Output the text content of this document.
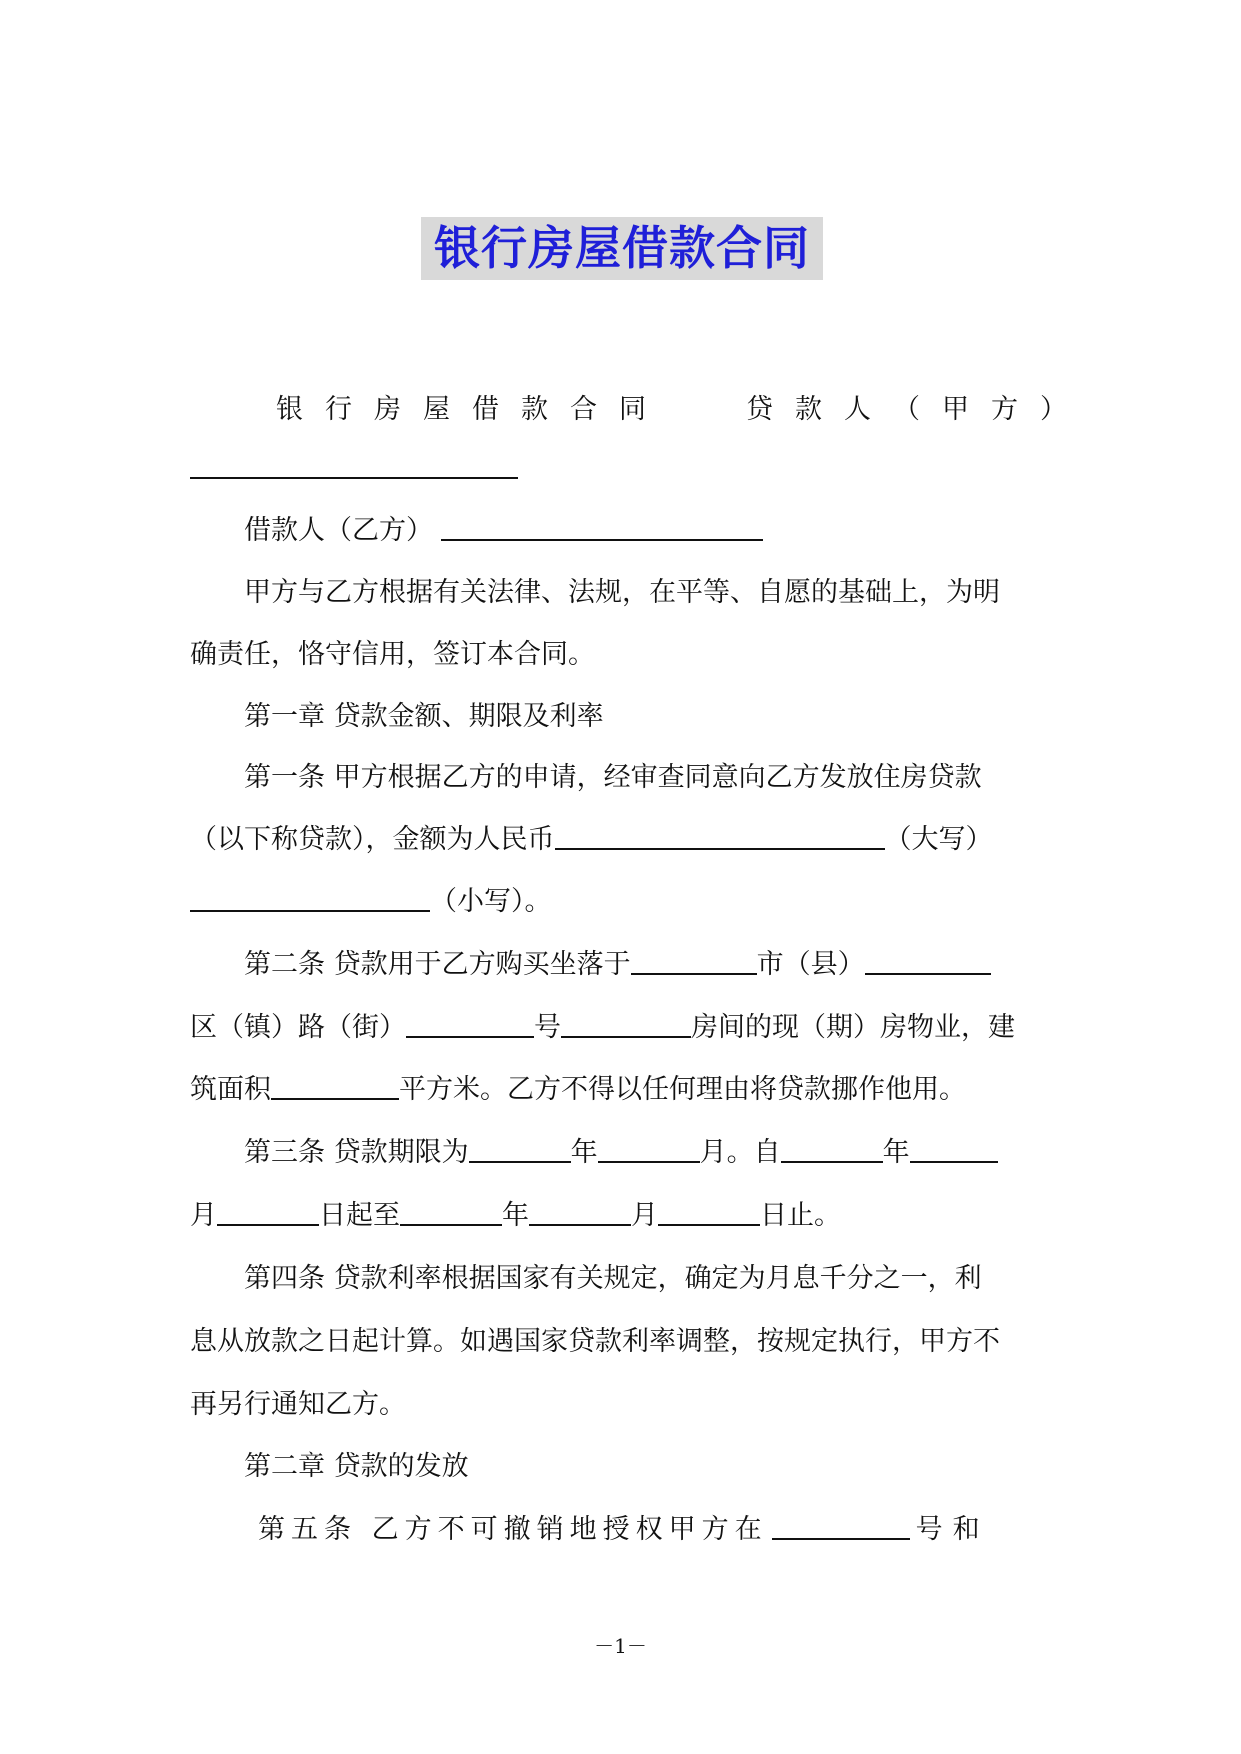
银行房屋借款合同
银行房屋借款合同	贷款人（甲方）
借款人（乙方）
甲方与乙方根据有关法律、法规，在平等、自愿的基础上，为明
确责任，恪守信用，签订本合同。
第一章 贷款金额、期限及利率
第一条 甲方根据乙方的申请，经审查同意向乙方发放住房贷款
（以下称贷款），金额为人民币	（大写）
（小写）。
第二条 贷款用于乙方购买坐落于	市（县）
区（镇）路（街）	号	房间的现（期）房物业，建
筑面积	平方米。乙方不得以任何理由将贷款挪作他用。
第三条 贷款期限为	年	月。自	年
月	日起至	年	月	日止。
第四条 贷款利率根据国家有关规定，确定为月息千分之一，利
息从放款之日起计算。如遇国家贷款利率调整，按规定执行，甲方不
再另行通知乙方。
第二章 贷款的发放
第五条 乙方不可撤销地授权甲方在	号和
－1－
